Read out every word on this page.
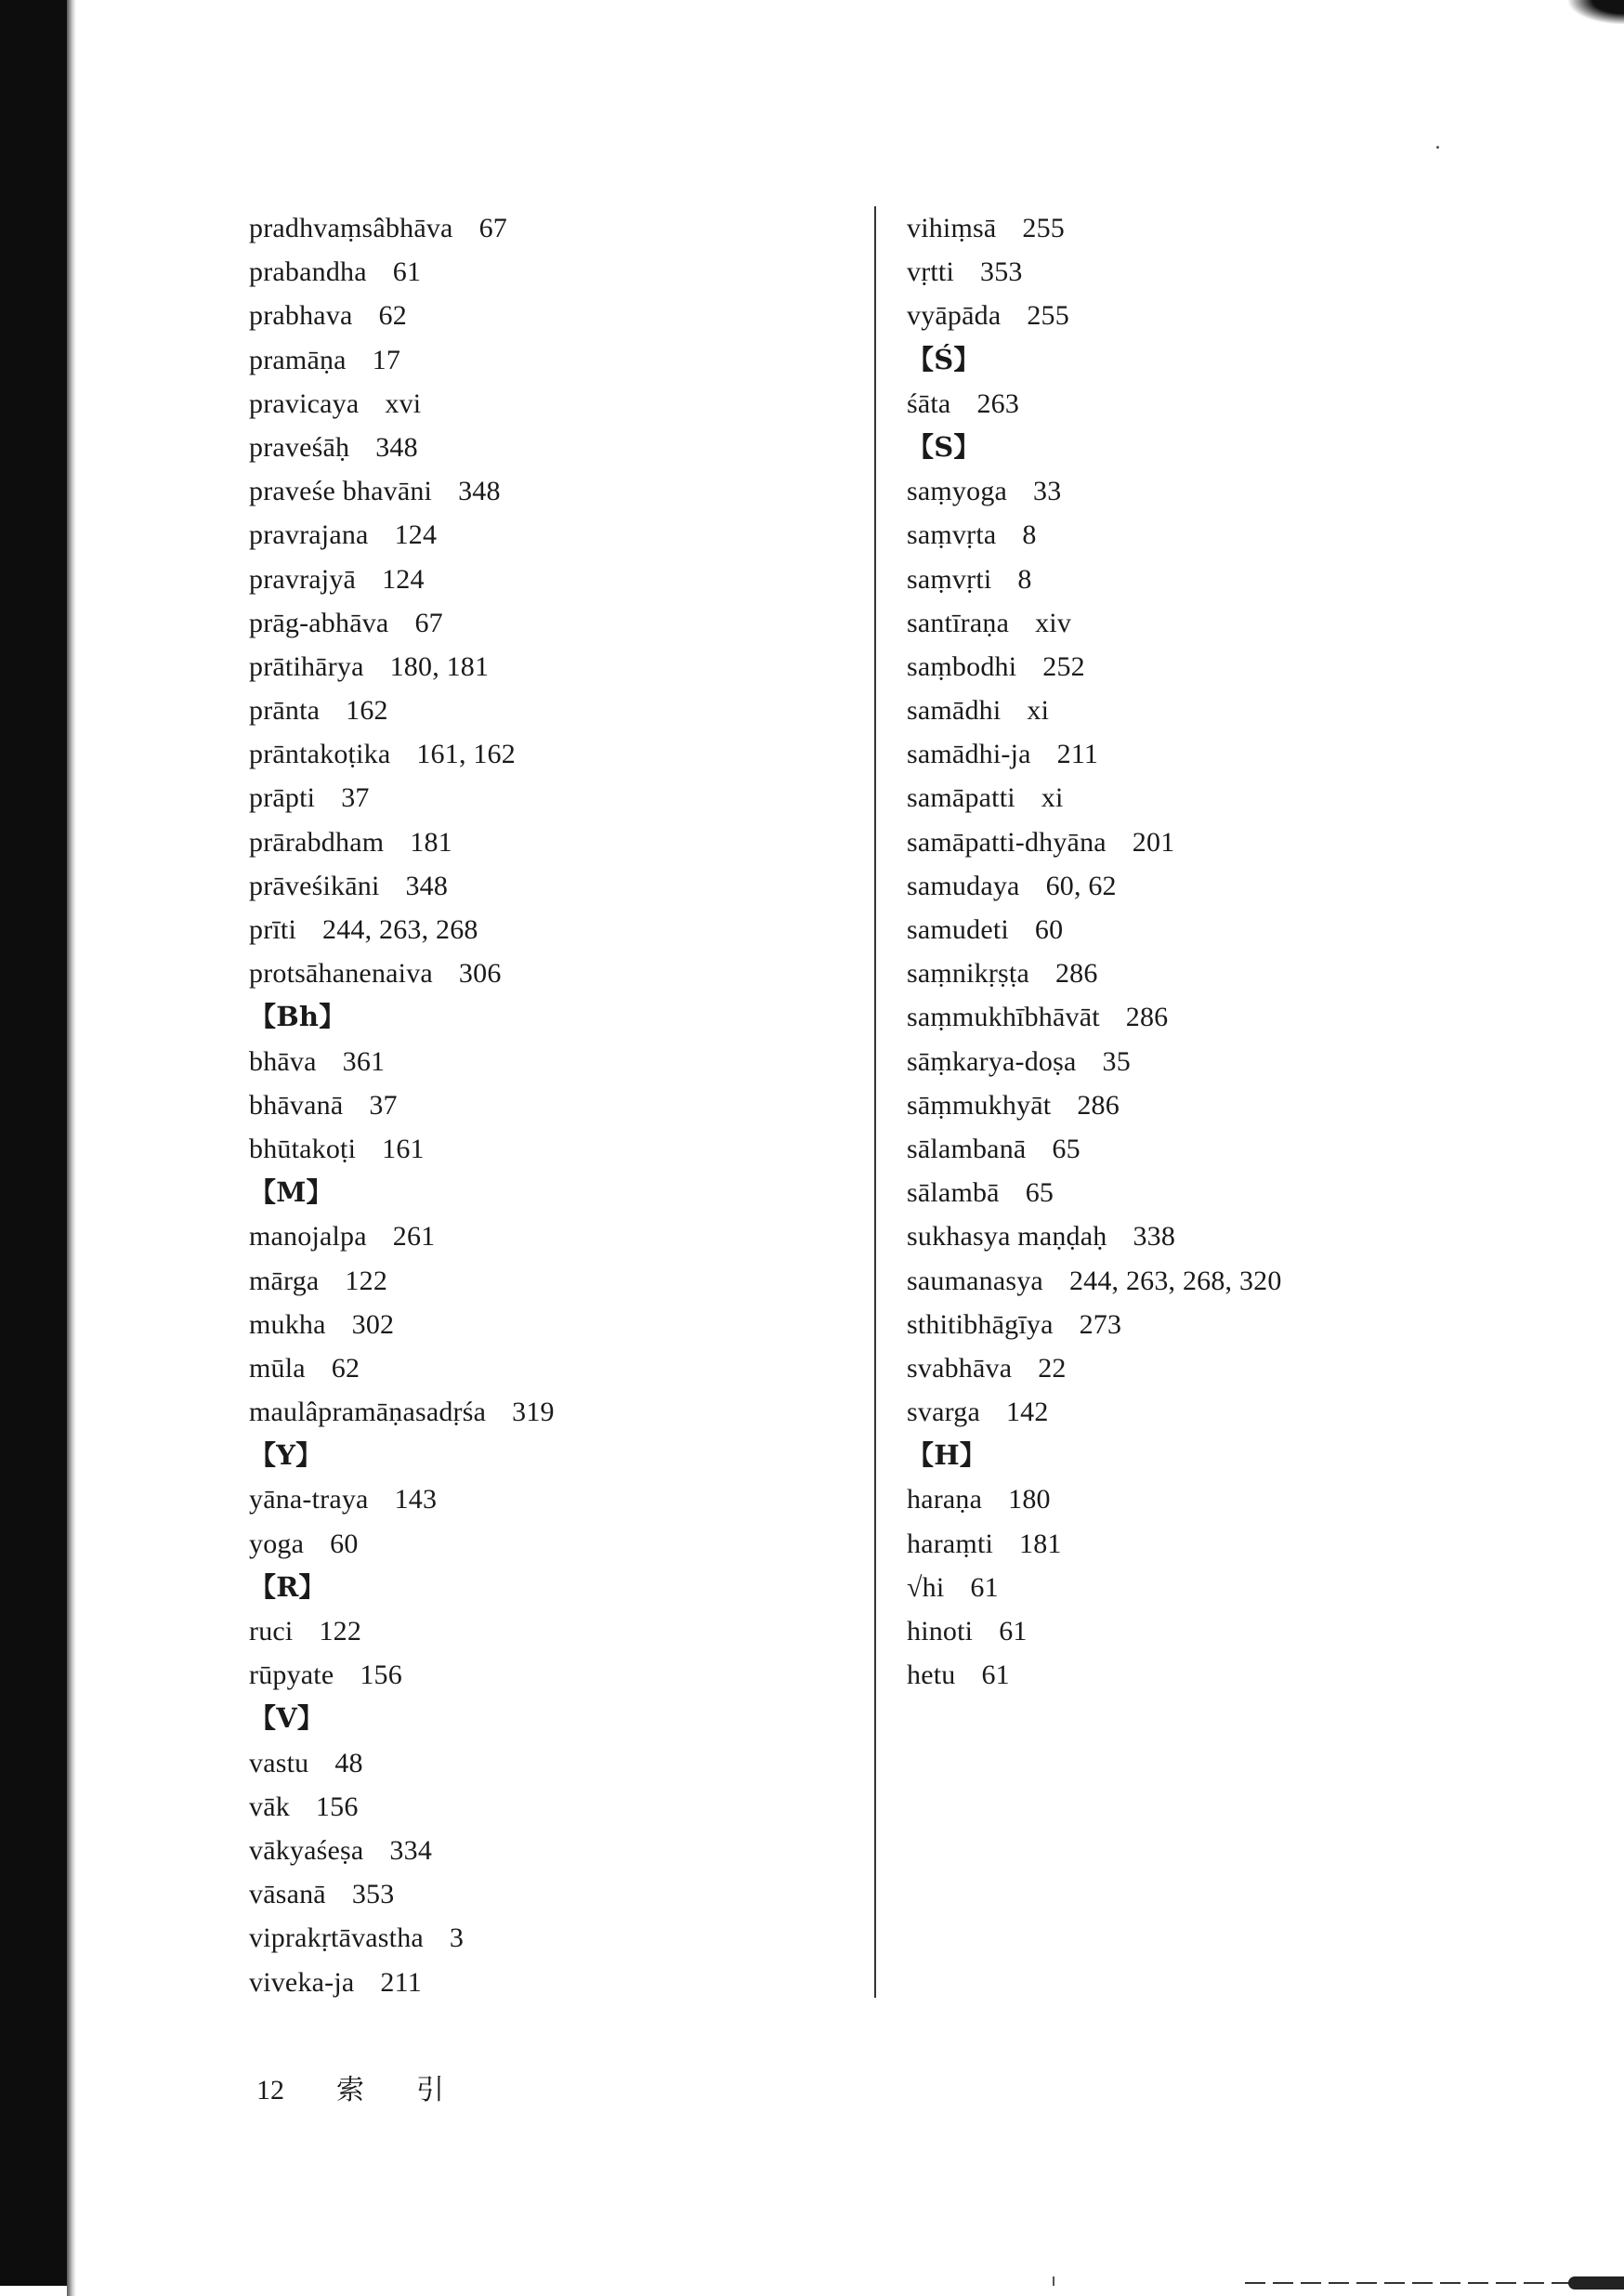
pradhvaṃsâbhāva 67
prabandha 61
prabhava 62
pramāṇa 17
pravicaya xvi
praveśāḥ 348
praveśe bhavāni 348
pravrajana 124
pravrajyā 124
prāg-abhāva 67
prātihārya 180, 181
prānta 162
prāntakoṭika 161, 162
prāpti 37
prārabdham 181
prāveśikāni 348
prīti 244, 263, 268
protsāhanenaiva 306
【Bh】
bhāva 361
bhāvanā 37
bhūtakoṭi 161
【M】
manojalpa 261
mārga 122
mukha 302
mūla 62
maulâpramāṇasadṛśa 319
【Y】
yāna-traya 143
yoga 60
【R】
ruci 122
rūpyate 156
【V】
vastu 48
vāk 156
vākyaśeṣa 334
vāsanā 353
viprakṛtāvastha 3
viveka-ja 211
vihiṃsā 255
vṛtti 353
vyāpāda 255
【Ś】
śāta 263
【S】
saṃyoga 33
saṃvṛta 8
saṃvṛti 8
santīraṇa xiv
saṃbodhi 252
samādhi xi
samādhi-ja 211
samāpatti xi
samāpatti-dhyāna 201
samudaya 60, 62
samudeti 60
saṃnikṛṣṭa 286
saṃmukhībhāvāt 286
sāṃkarya-doṣa 35
sāṃmukhyāt 286
sālambanā 65
sālambā 65
sukhasya maṇḍaḥ 338
saumanasya 244, 263, 268, 320
sthitibhāgīya 273
svabhāva 22
svarga 142
【H】
haraṇa 180
haraṃti 181
√hi 61
hinoti 61
hetu 61
12 索引
